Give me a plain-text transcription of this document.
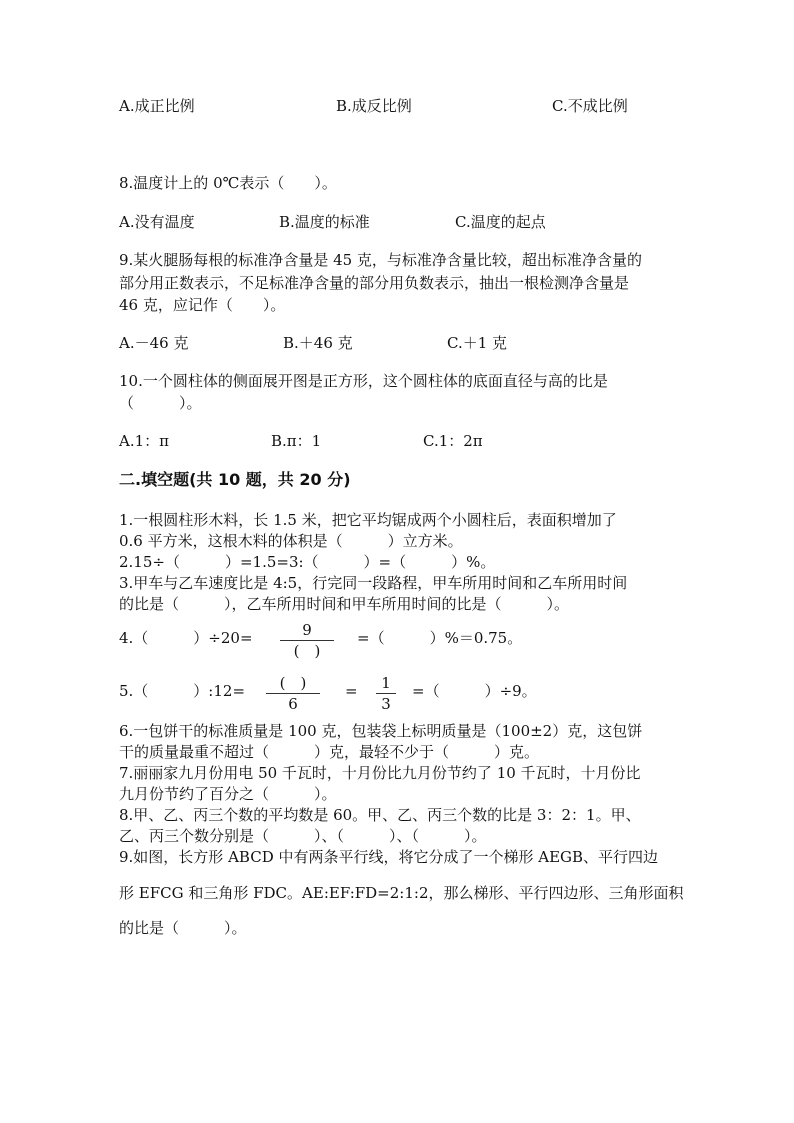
A.成正比例	B.成反比例	C.不成比例
8.温度计上的 0℃表示（　　）。
A.没有温度	B.温度的标准	C.温度的起点
9.某火腿肠每根的标准净含量是 45 克，与标准净含量比较，超出标准净含量的
部分用正数表示，不足标准净含量的部分用负数表示，抽出一根检测净含量是
46 克，应记作（　　）。
A.－46 克	B.＋46 克	C.＋1 克
10.一个圆柱体的侧面展开图是正方形，这个圆柱体的底面直径与高的比是
（　　　）。
A.1：π	B.π：1	C.1：2π
二.填空题(共 10 题，共 20 分)
1.一根圆柱形木料，长 1.5 米，把它平均锯成两个小圆柱后，表面积增加了
0.6 平方米，这根木料的体积是（　　　）立方米。
2.15÷（　　　）=1.5=3:（　　　）=（　　　）%。
3.甲车与乙车速度比是 4:5，行完同一段路程，甲车所用时间和乙车所用时间
的比是（　　　），乙车所用时间和甲车所用时间的比是（　　　）。
4.（　　　）÷20=	9
(　)
=（　　　）%＝0.75。
5.（　　　）:12=	(　)
6
=	1
3
=（　　　）÷9。
6.一包饼干的标准质量是 100 克，包装袋上标明质量是（100±2）克，这包饼
干的质量最重不超过（　　　）克，最轻不少于（　　　）克。
7.丽丽家九月份用电 50 千瓦时，十月份比九月份节约了 10 千瓦时，十月份比
九月份节约了百分之（　　　）。
8.甲、乙、丙三个数的平均数是 60。甲、乙、丙三个数的比是 3：2：1。甲、
乙、丙三个数分别是（　　　）、（　　　）、（　　　）。
9.如图，长方形 ABCD 中有两条平行线，将它分成了一个梯形 AEGB、平行四边
形 EFCG 和三角形 FDC。AE:EF:FD=2:1:2，那么梯形、平行四边形、三角形面积
的比是（　　　）。
